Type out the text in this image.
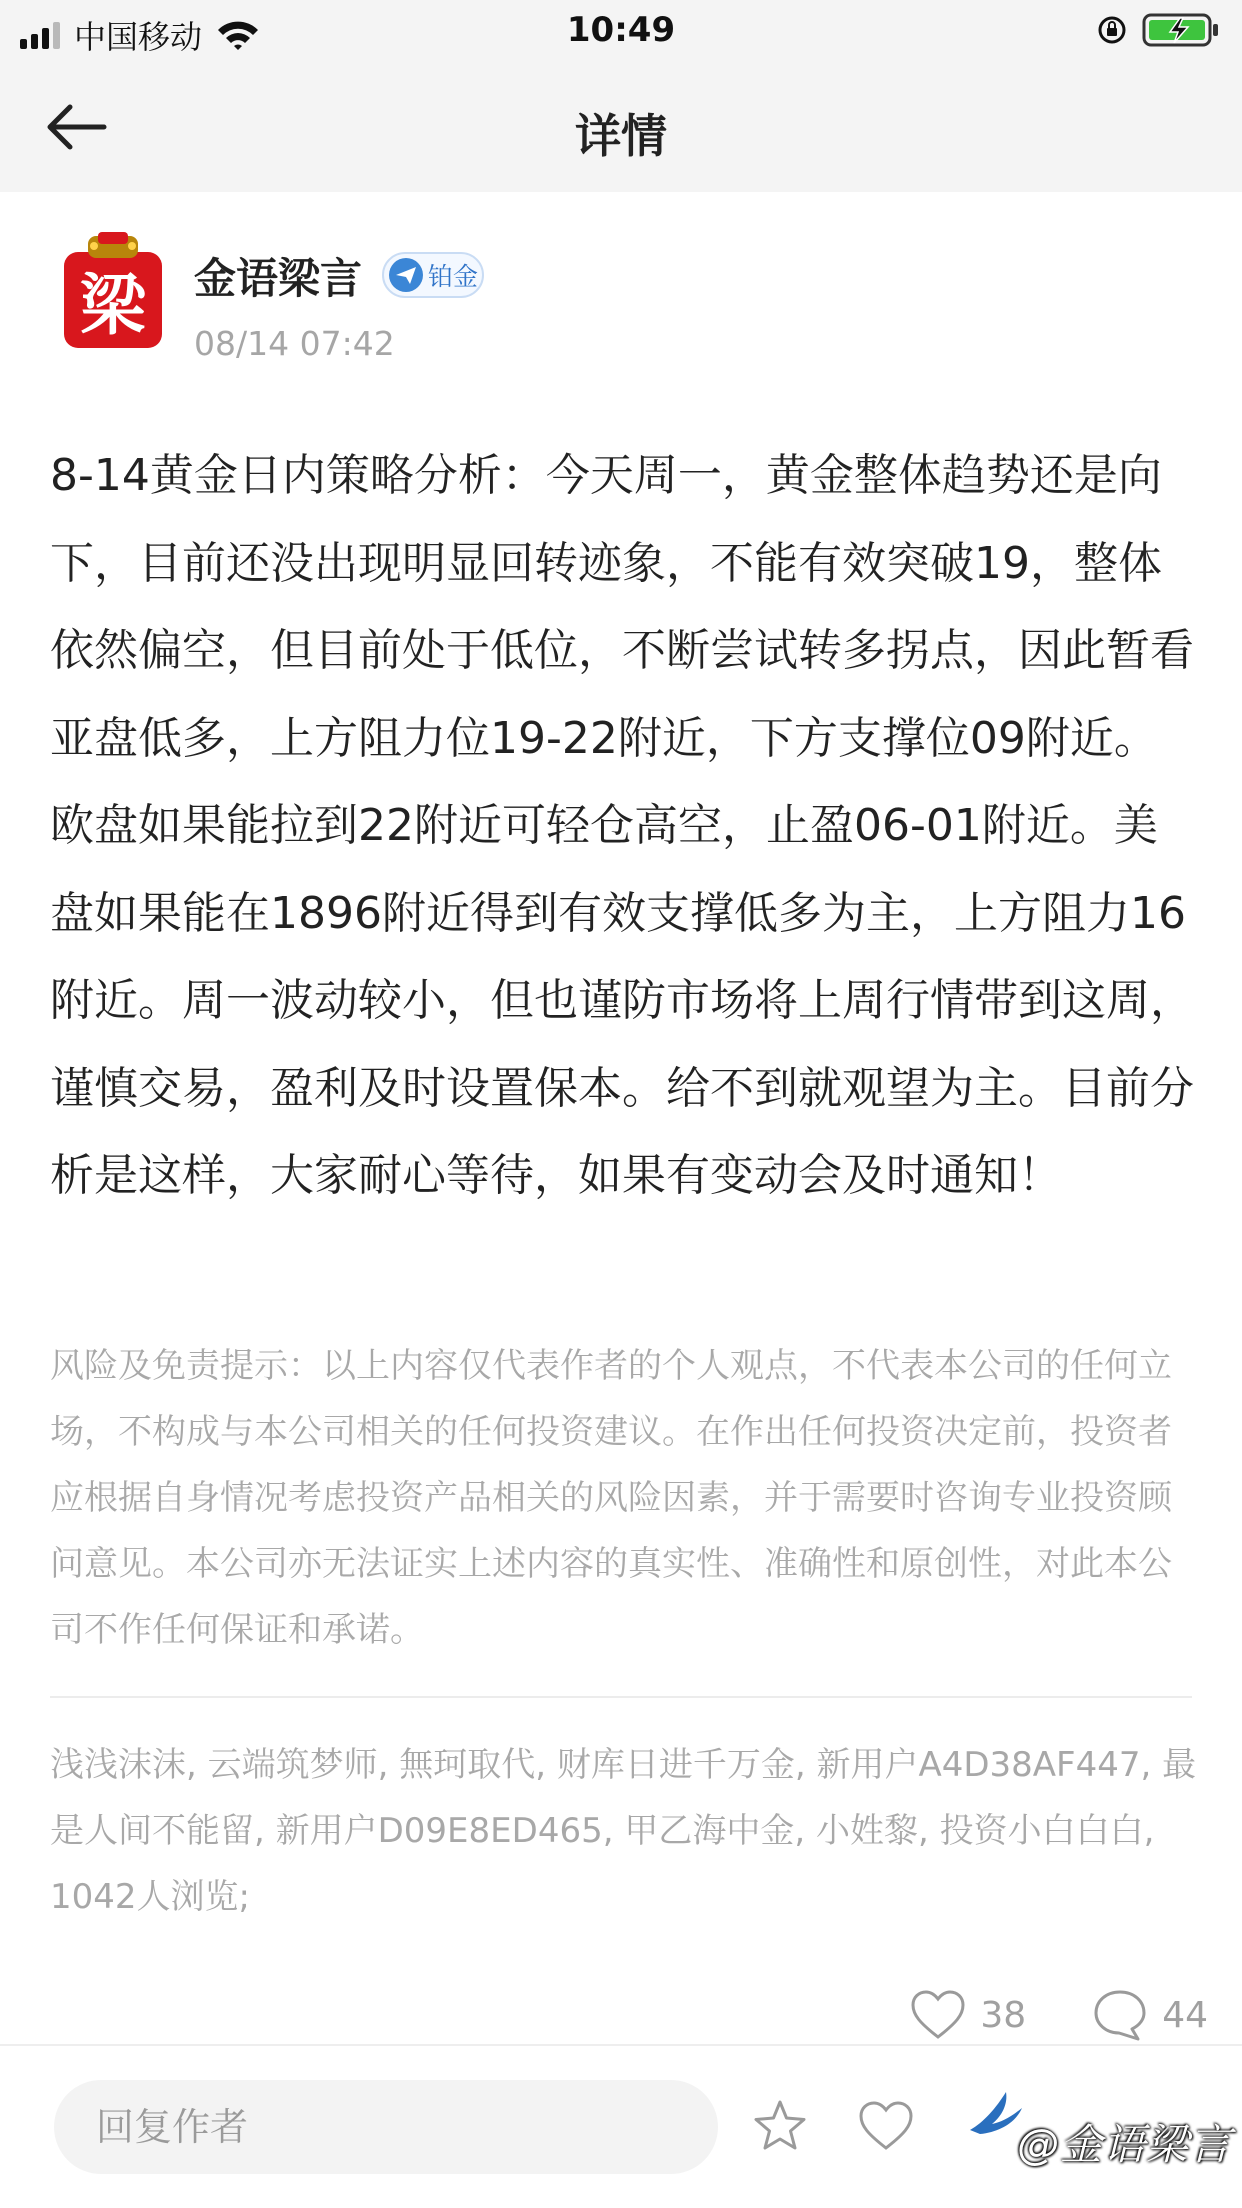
中国移动	10:49
详情
梁 金语梁言	铂金
08/14 07:42
8-14黄金日内策略分析：今天周一，黄金整体趋势还是向下，目前还没出现明显回转迹象，不能有效突破19，整体依然偏空，但目前处于低位，不断尝试转多拐点，因此暂看亚盘低多，上方阻力位19-22附近，下方支撑位09附近。欧盘如果能拉到22附近可轻仓高空，止盈06-01附近。美盘如果能在1896附近得到有效支撑低多为主，上方阻力16附近。周一波动较小，但也谨防市场将上周行情带到这周，谨慎交易，盈利及时设置保本。给不到就观望为主。目前分析是这样，大家耐心等待，如果有变动会及时通知！
风险及免责提示：以上内容仅代表作者的个人观点，不代表本公司的任何立场，不构成与本公司相关的任何投资建议。在作出任何投资决定前，投资者应根据自身情况考虑投资产品相关的风险因素，并于需要时咨询专业投资顾问意见。本公司亦无法证实上述内容的真实性、准确性和原创性，对此本公司不作任何保证和承诺。
浅浅沫沫, 云端筑梦师, 無珂取代, 财库日进千万金, 新用户A4D38AF447, 最是人间不能留, 新用户D09E8ED465, 甲乙海中金, 小姓黎, 投资小白白白, 1042人浏览;
38	44
回复作者
@金语梁言
